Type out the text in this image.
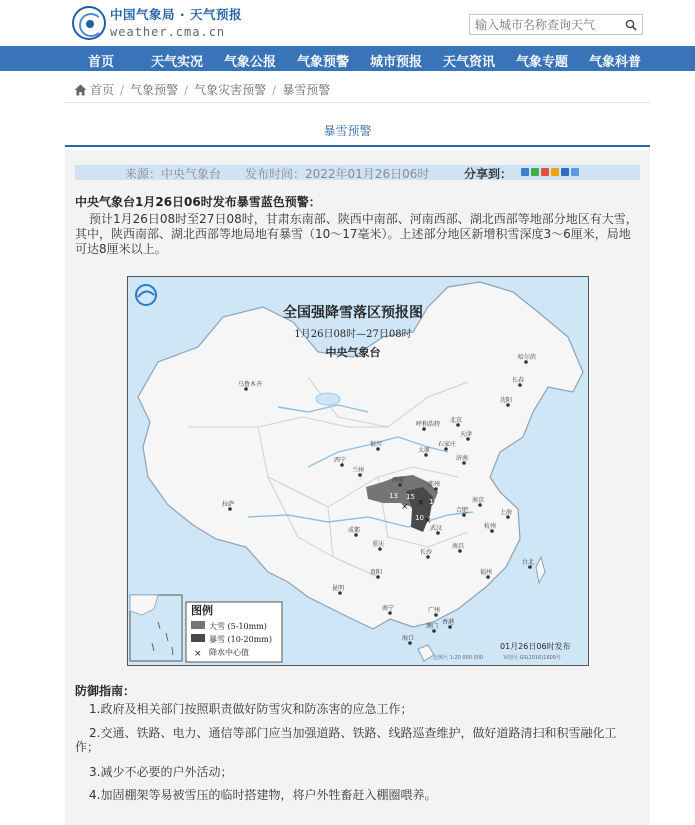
中国气象局 · 天气预报
weather.cma.cn
输入城市名称查询天气
首页	天气实况 气象公报 气象预警 城市预报 天气资讯 气象专题 气象科普
首页 / 气象预警 / 气象灾害预警 / 暴雪预警
暴雪预警
来源：中央气象台 发布时间：2022年01月26日06时	分享到：
中央气象台1月26日06时发布暴雪蓝色预警：
预计1月26日08时至27日08时，甘肃东南部、陕西中南部、河南西部、湖北西部等地部分地区有大雪，其中，陕西南部、湖北西部等地局地有暴雪（10～17毫米）。上述部分地区新增积雪深度3～6厘米，局地可达8厘米以上。
× ×
×
13 15
10
11
乌鲁木齐
哈尔滨
长春
沈阳
呼和浩特
北京
天津
石家庄
太原
济南
银川
西宁
兰州
郑州
西安
南京
合肥	上海
武汉	杭州
成都
重庆
长沙
南昌
福州
台北
贵阳
昆明
南宁	广州
香港
澳门
海口
拉萨
全国强降雪落区预报图
1月26日08时—27日08时
中央气象台
图例
大雪 (5-10mm)
暴雪 (10-20mm)
× 降水中心值
01月26日06时发布
比例尺 1:20 000 000	审图号 GS(2016)1609号
防御指南：
1.政府及相关部门按照职责做好防雪灾和防冻害的应急工作；
2.交通、铁路、电力、通信等部门应当加强道路、铁路、线路巡查维护，做好道路清扫和积雪融化工作；
3.减少不必要的户外活动；
4.加固棚架等易被雪压的临时搭建物，将户外牲畜赶入棚圈喂养。
